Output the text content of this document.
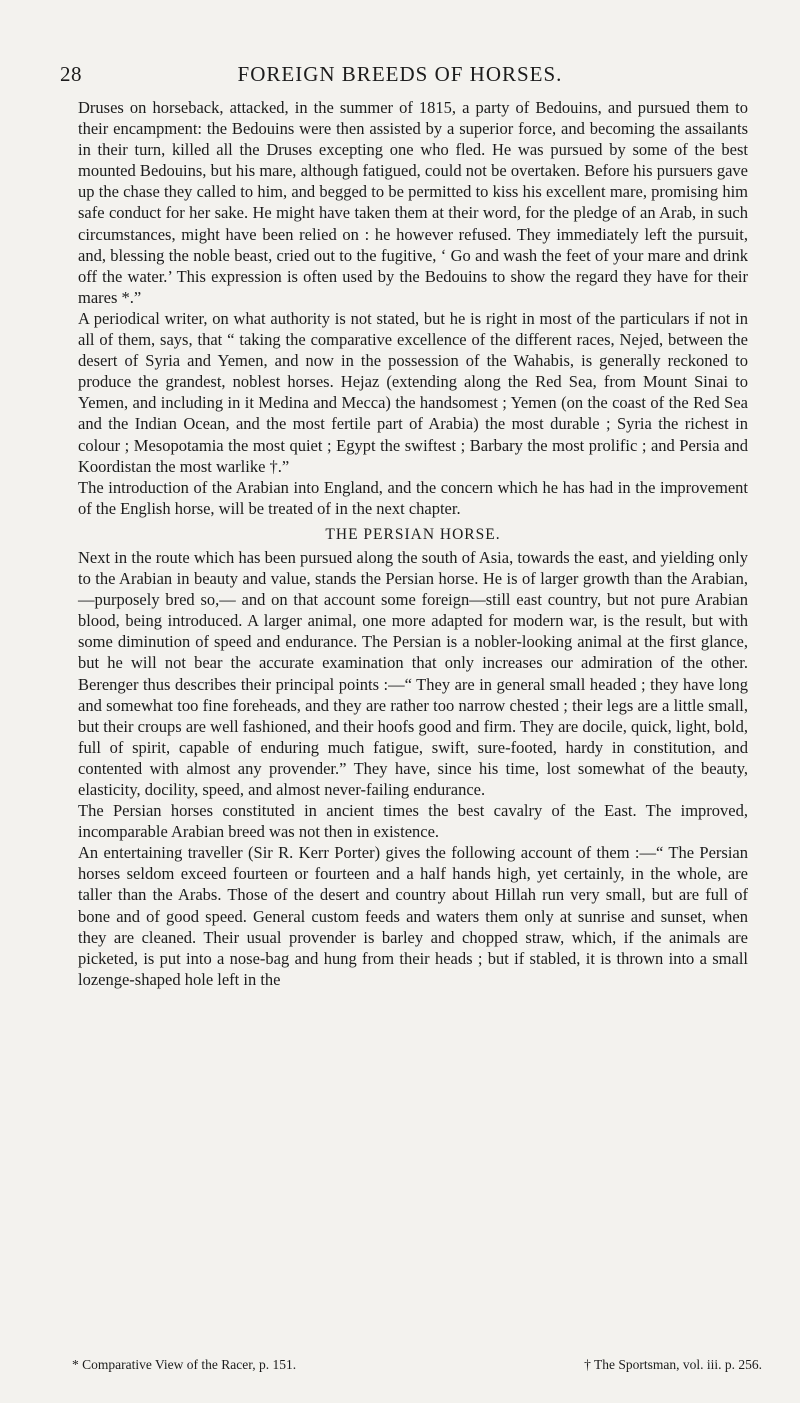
28	FOREIGN BREEDS OF HORSES.

Druses on horseback, attacked, in the summer of 1815, a party of Bedouins, and pursued them to their encampment: the Bedouins were then assisted by a superior force, and becoming the assailants in their turn, killed all the Druses excepting one who fled. He was pursued by some of the best mounted Bedouins, but his mare, although fatigued, could not be overtaken. Before his pursuers gave up the chase they called to him, and begged to be permitted to kiss his excellent mare, promising him safe conduct for her sake. He might have taken them at their word, for the pledge of an Arab, in such circumstances, might have been relied on : he however refused. They immediately left the pursuit, and, blessing the noble beast, cried out to the fugitive, ‘ Go and wash the feet of your mare and drink off the water.’ This expression is often used by the Bedouins to show the regard they have for their mares *.”

A periodical writer, on what authority is not stated, but he is right in most of the particulars if not in all of them, says, that “ taking the comparative excellence of the different races, Nejed, between the desert of Syria and Yemen, and now in the possession of the Wahabis, is generally reckoned to produce the grandest, noblest horses. Hejaz (extending along the Red Sea, from Mount Sinai to Yemen, and including in it Medina and Mecca) the handsomest ; Yemen (on the coast of the Red Sea and the Indian Ocean, and the most fertile part of Arabia) the most durable ; Syria the richest in colour ; Mesopotamia the most quiet ; Egypt the swiftest ; Barbary the most prolific ; and Persia and Koordistan the most warlike †.”

The introduction of the Arabian into England, and the concern which he has had in the improvement of the English horse, will be treated of in the next chapter.

THE PERSIAN HORSE.

Next in the route which has been pursued along the south of Asia, towards the east, and yielding only to the Arabian in beauty and value, stands the Persian horse. He is of larger growth than the Arabian,—purposely bred so,— and on that account some foreign—still east country, but not pure Arabian blood, being introduced. A larger animal, one more adapted for modern war, is the result, but with some diminution of speed and endurance. The Persian is a nobler-looking animal at the first glance, but he will not bear the accurate examination that only increases our admiration of the other. Berenger thus describes their principal points :—“ They are in general small headed ; they have long and somewhat too fine foreheads, and they are rather too narrow chested ; their legs are a little small, but their croups are well fashioned, and their hoofs good and firm. They are docile, quick, light, bold, full of spirit, capable of enduring much fatigue, swift, sure-footed, hardy in constitution, and contented with almost any provender.” They have, since his time, lost somewhat of the beauty, elasticity, docility, speed, and almost never-failing endurance.

The Persian horses constituted in ancient times the best cavalry of the East. The improved, incomparable Arabian breed was not then in existence.

An entertaining traveller (Sir R. Kerr Porter) gives the following account of them :—“ The Persian horses seldom exceed fourteen or fourteen and a half hands high, yet certainly, in the whole, are taller than the Arabs. Those of the desert and country about Hillah run very small, but are full of bone and of good speed. General custom feeds and waters them only at sunrise and sunset, when they are cleaned. Their usual provender is barley and chopped straw, which, if the animals are picketed, is put into a nose-bag and hung from their heads ; but if stabled, it is thrown into a small lozenge-shaped hole left in the

* Comparative View of the Racer, p. 151.	† The Sportsman, vol. iii. p. 256.
